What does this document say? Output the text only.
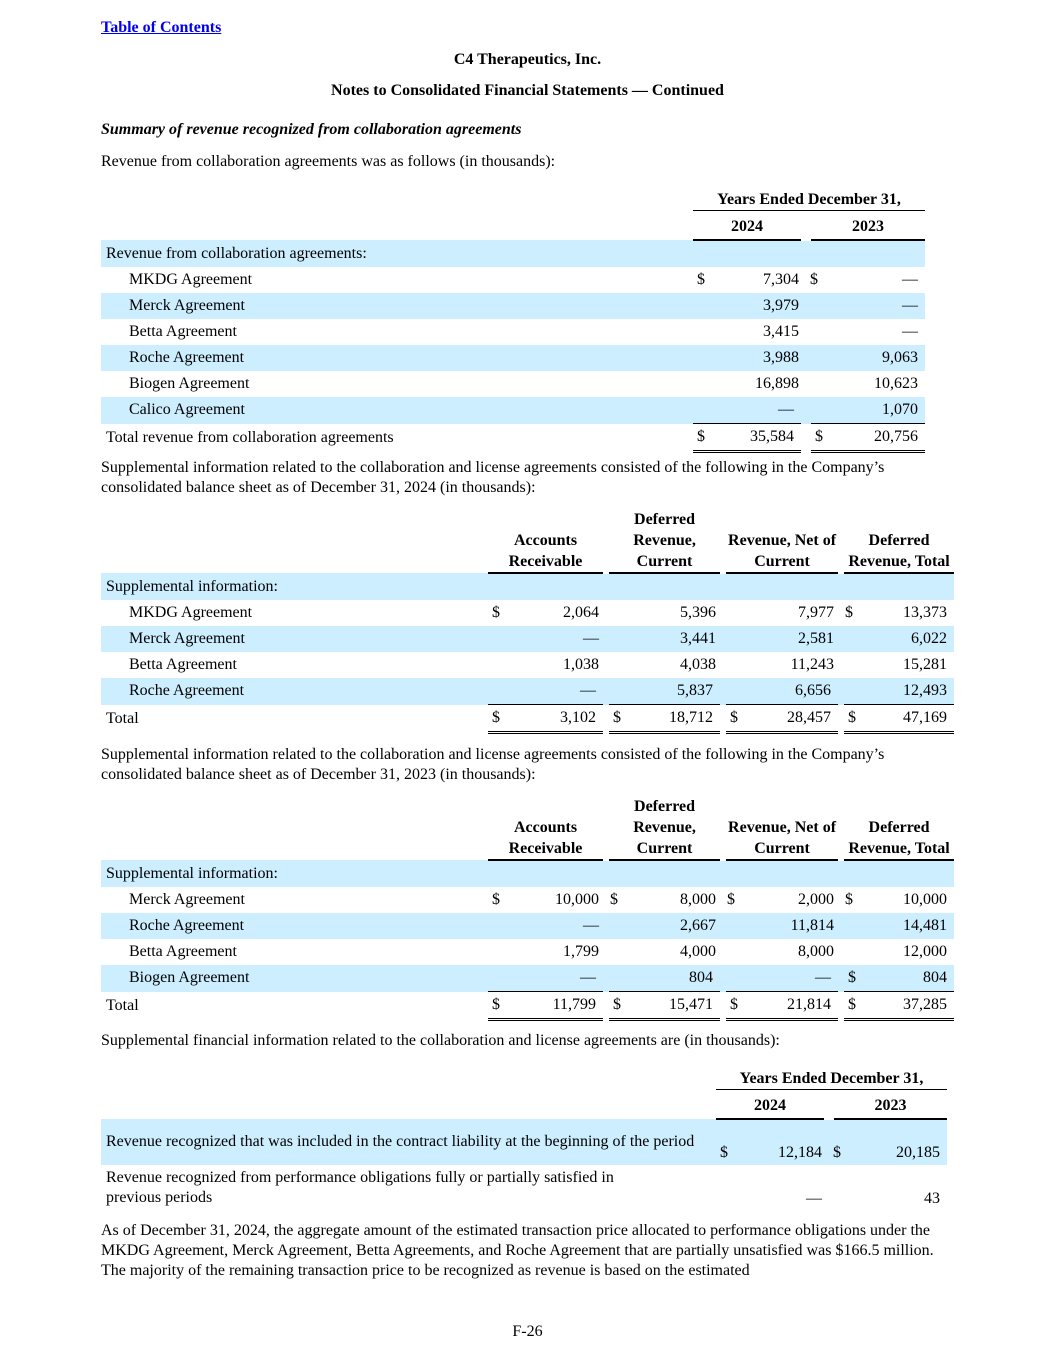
Table of Contents
C4 Therapeutics, Inc.
Notes to Consolidated Financial Statements — Continued
Summary of revenue recognized from collaboration agreements
Revenue from collaboration agreements was as follows (in thousands):
	Years Ended December 31,			
	2024		2023	
Revenue from collaboration agreements:				
MKDG Agreement	$	7,304	$	—
Merck Agreement		3,979		—
Betta Agreement		3,415		—
Roche Agreement		3,988		9,063
Biogen Agreement		16,898		10,623
Calico Agreement		—		1,070
Total revenue from collaboration agreements	$	35,584	$	20,756
Supplemental information related to the collaboration and license agreements consisted of the following in the Company’s consolidated balance sheet as of December 31, 2024 (in thousands):
	Accounts Receivable		Deferred Revenue, Current		Revenue, Net of Current		Deferred Revenue, Total	
Supplemental information:								
MKDG Agreement	$	2,064		5,396		7,977	$	13,373
Merck Agreement		—		3,441		2,581		6,022
Betta Agreement		1,038		4,038		11,243		15,281
Roche Agreement		—		5,837		6,656		12,493
Total	$	3,102	$	18,712	$	28,457	$	47,169
Supplemental information related to the collaboration and license agreements consisted of the following in the Company’s consolidated balance sheet as of December 31, 2023 (in thousands):
	Accounts Receivable		Deferred Revenue, Current		Revenue, Net of Current		Deferred Revenue, Total	
Supplemental information:								
Merck Agreement	$	10,000	$	8,000	$	2,000	$	10,000
Roche Agreement		—		2,667		11,814		14,481
Betta Agreement		1,799		4,000		8,000		12,000
Biogen Agreement		—		804		—	$	804
Total	$	11,799	$	15,471	$	21,814	$	37,285
Supplemental financial information related to the collaboration and license agreements are (in thousands):
	Years Ended December 31,			
	2024		2023	
Revenue recognized that was included in the contract liability at the beginning of the period	$	12,184	$	20,185
Revenue recognized from performance obligations fully or partially satisfied in previous periods		—		43
As of December 31, 2024, the aggregate amount of the estimated transaction price allocated to performance obligations under the MKDG Agreement, Merck Agreement, Betta Agreements, and Roche Agreement that are partially unsatisfied was $166.5 million. The majority of the remaining transaction price to be recognized as revenue is based on the estimated
F-26
